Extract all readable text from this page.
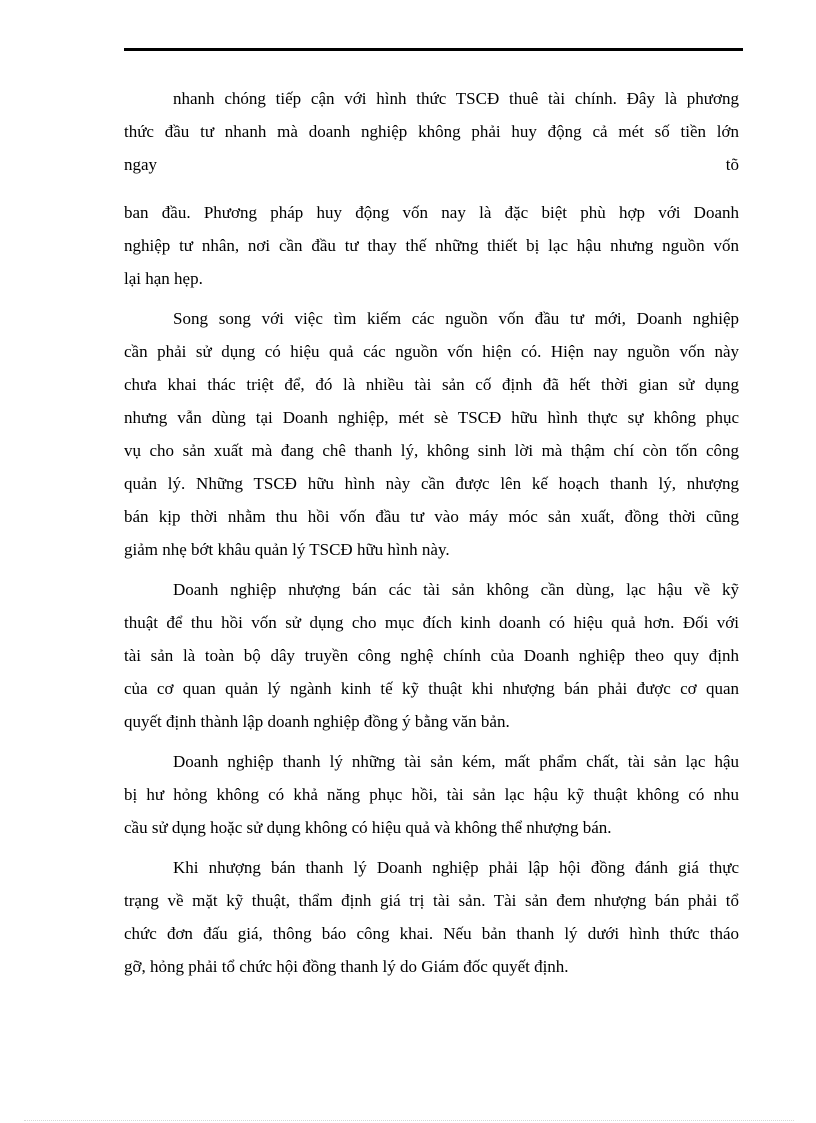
nhanh chóng tiếp cận với hình thức TSCĐ thuê tài chính. Đây là phương
thức đầu tư nhanh mà doanh nghiệp không phải huy động cả mét số tiền lớn
ngay	tõ
ban đầu. Phương pháp huy động vốn nay là đặc biệt phù hợp với Doanh
nghiệp tư nhân, nơi cần đầu tư thay thế những thiết bị lạc hậu nhưng nguồn vốn
lại hạn hẹp.
Song song với việc tìm kiếm các nguồn vốn đầu tư mới, Doanh nghiệp
cần phải sử dụng có hiệu quả các nguồn vốn hiện có. Hiện nay nguồn vốn này
chưa khai thác triệt để, đó là nhiều tài sản cố định đã hết thời gian sử dụng
nhưng vẫn dùng tại Doanh nghiệp, mét sè TSCĐ hữu hình thực sự không phục
vụ cho sản xuất mà đang chê thanh lý, không sinh lời mà thậm chí còn tốn công
quản lý. Những TSCĐ hữu hình này cần được lên kế hoạch thanh lý, nhượng
bán kịp thời nhằm thu hồi vốn đầu tư vào máy móc sản xuất, đồng thời cũng
giảm nhẹ bớt khâu quản lý TSCĐ hữu hình này.
Doanh nghiệp nhượng bán các tài sản không cần dùng, lạc hậu về kỹ
thuật để thu hồi vốn sử dụng cho mục đích kinh doanh có hiệu quả hơn. Đối với
tài sản là toàn bộ dây truyền công nghệ chính của Doanh nghiệp theo quy định
của cơ quan quản lý ngành kinh tế kỹ thuật khi nhượng bán phải được cơ quan
quyết định thành lập doanh nghiệp đồng ý bằng văn bản.
Doanh nghiệp thanh lý những tài sản kém, mất phẩm chất, tài sản lạc hậu
bị hư hỏng không có khả năng phục hồi, tài sản lạc hậu kỹ thuật không có nhu
cầu sử dụng hoặc sử dụng không có hiệu quả và không thể nhượng bán.
Khi nhượng bán thanh lý Doanh nghiệp phải lập hội đồng đánh giá thực
trạng về mặt kỹ thuật, thẩm định giá trị tài sản. Tài sản đem nhượng bán phải tổ
chức đơn đấu giá, thông báo công khai. Nếu bản thanh lý dưới hình thức tháo
gỡ, hỏng phải tổ chức hội đồng thanh lý do Giám đốc quyết định.
